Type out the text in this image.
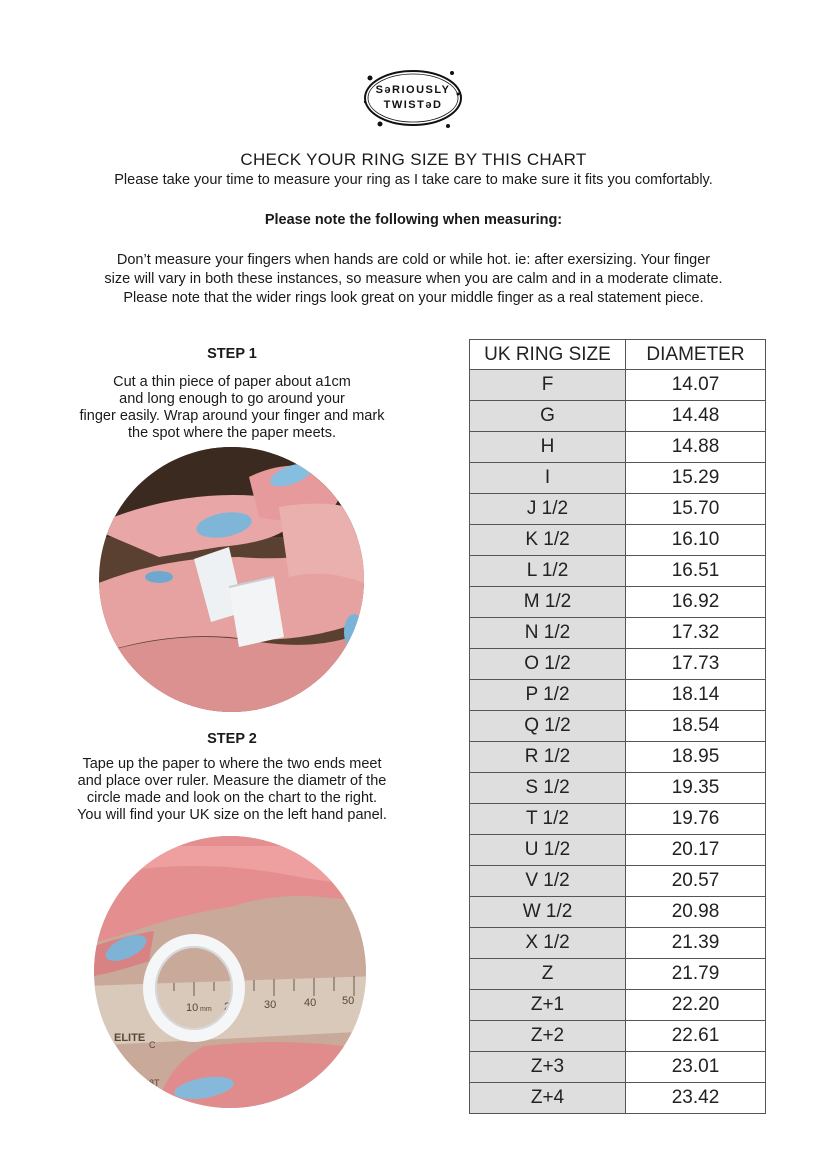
SəRIOUSLY
TWISTəD
CHECK YOUR RING SIZE BY THIS CHART
Please take your time to measure your ring as I take care to make sure it fits you comfortably.
Please note the following when measuring:
Don’t measure your fingers when hands are cold or while hot. ie: after exersizing. Your finger
size will vary in both these instances, so measure when you are calm and in a moderate climate.
Please note that the wider rings look great on your middle finger as a real statement piece.
STEP 1
Cut a thin piece of paper about a1cm
and long enough to go around your
finger easily. Wrap around your finger and mark
the spot where the paper meets.
STEP 2
Tape up the paper to where the two ends meet
and place over ruler. Measure the diametr of the
circle made and look on the chart to the right.
You will find your UK size on the left hand panel.
10 mm 20	30	40 50
ELITE
C
08T
UK RING SIZE	DIAMETER
F	14.07
G	14.48
H	14.88
I	15.29
J 1/2	15.70
K 1/2	16.10
L 1/2	16.51
M 1/2	16.92
N 1/2	17.32
O 1/2	17.73
P 1/2	18.14
Q 1/2	18.54
R 1/2	18.95
S 1/2	19.35
T 1/2	19.76
U 1/2	20.17
V 1/2	20.57
W 1/2	20.98
X 1/2	21.39
Z	21.79
Z+1	22.20
Z+2	22.61
Z+3	23.01
Z+4	23.42
